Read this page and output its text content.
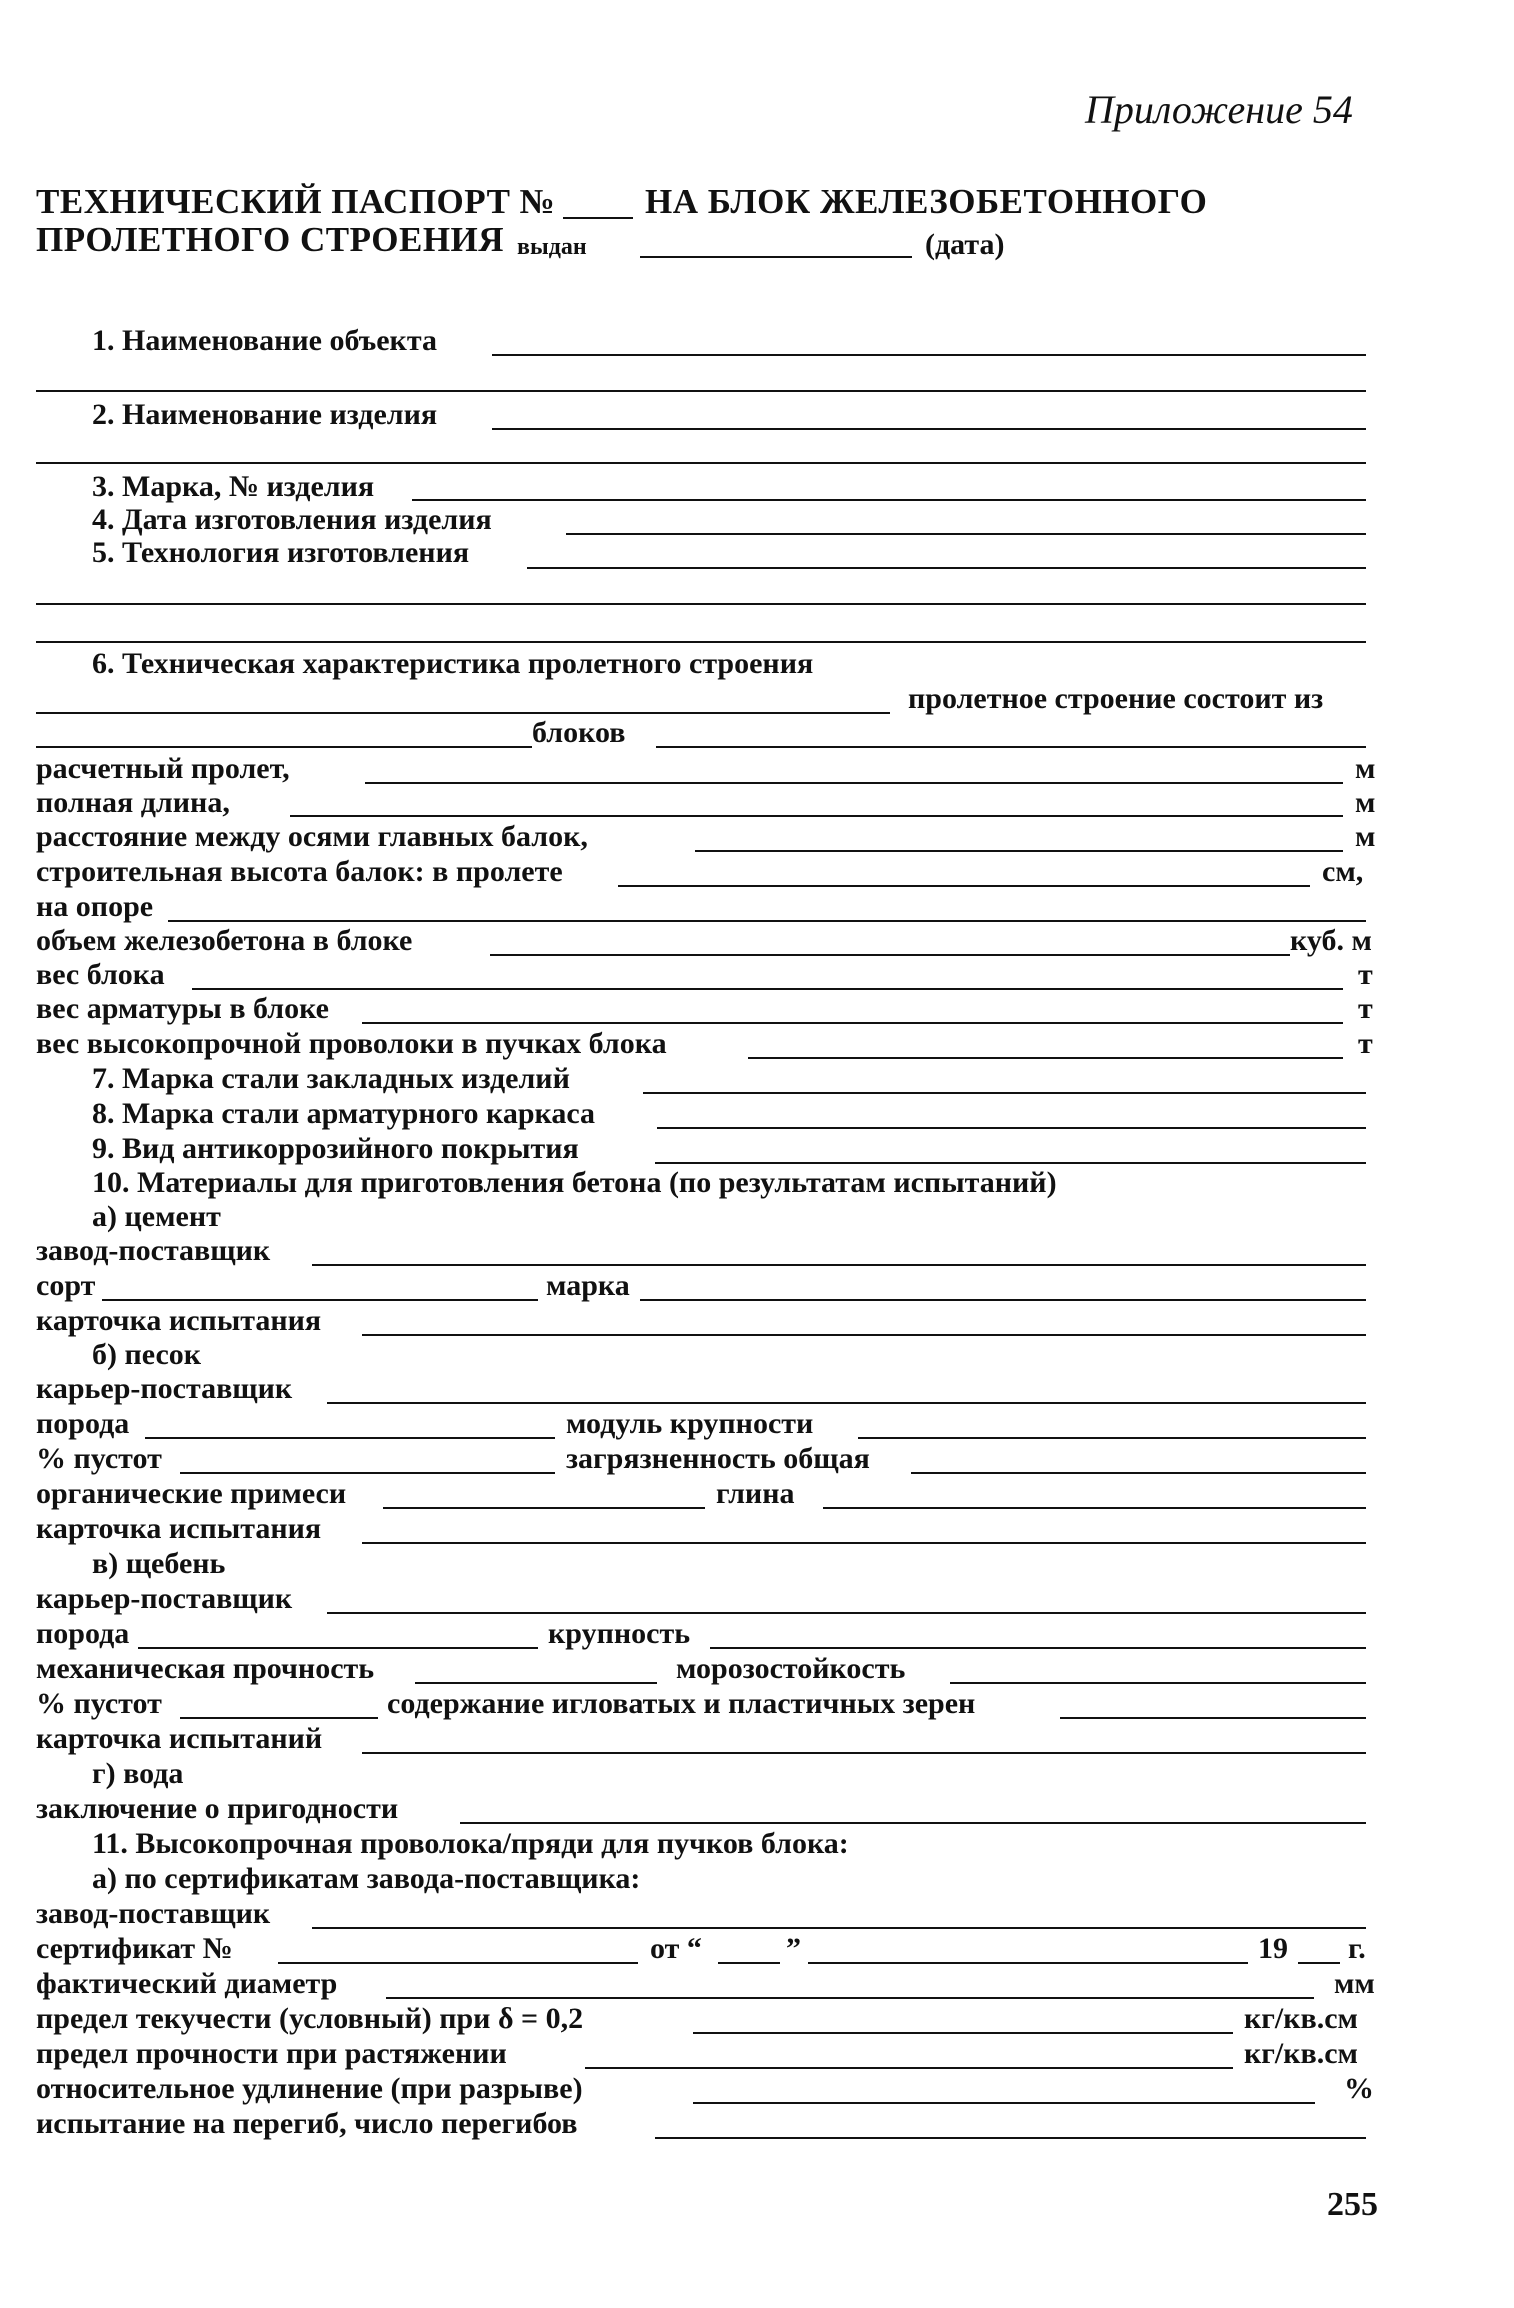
Приложение 54
ТЕХНИЧЕСКИЙ ПАСПОРТ №	НА БЛОК ЖЕЛЕЗОБЕТОННОГО
ПРОЛЕТНОГО СТРОЕНИЯ выдан	(дата)
1. Наименование объекта
2. Наименование изделия
3. Марка, № изделия
4. Дата изготовления изделия
5. Технология изготовления
6. Техническая характеристика пролетного строения
пролетное строение состоит из
блоков
расчетный пролет,	м
полная длина,	м
расстояние между осями главных балок,	м
строительная высота балок: в пролете	см,
на опоре
объем железобетона в блоке	куб. м
вес блока	т
вес арматуры в блоке	т
вес высокопрочной проволоки в пучках блока	т
7. Марка стали закладных изделий
8. Марка стали арматурного каркаса
9. Вид антикоррозийного покрытия
10. Материалы для приготовления бетона (по результатам испытаний)
а) цемент
завод-поставщик
сорт	марка
карточка испытания
б) песок
карьер-поставщик
порода	модуль крупности
% пустот	загрязненность общая
органические примеси	глина
карточка испытания
в) щебень
карьер-поставщик
порода	крупность
механическая прочность	морозостойкость
% пустот	содержание игловатых и пластичных зерен
карточка испытаний
г) вода
заключение о пригодности
11. Высокопрочная проволока/пряди для пучков блока:
а) по сертификатам завода-поставщика:
завод-поставщик
сертификат №	от “	”	19 г.
фактический диаметр	мм
предел текучести (условный) при δ = 0,2	кг/кв.см
предел прочности при растяжении	кг/кв.см
относительное удлинение (при разрыве)	%
испытание на перегиб, число перегибов
255
